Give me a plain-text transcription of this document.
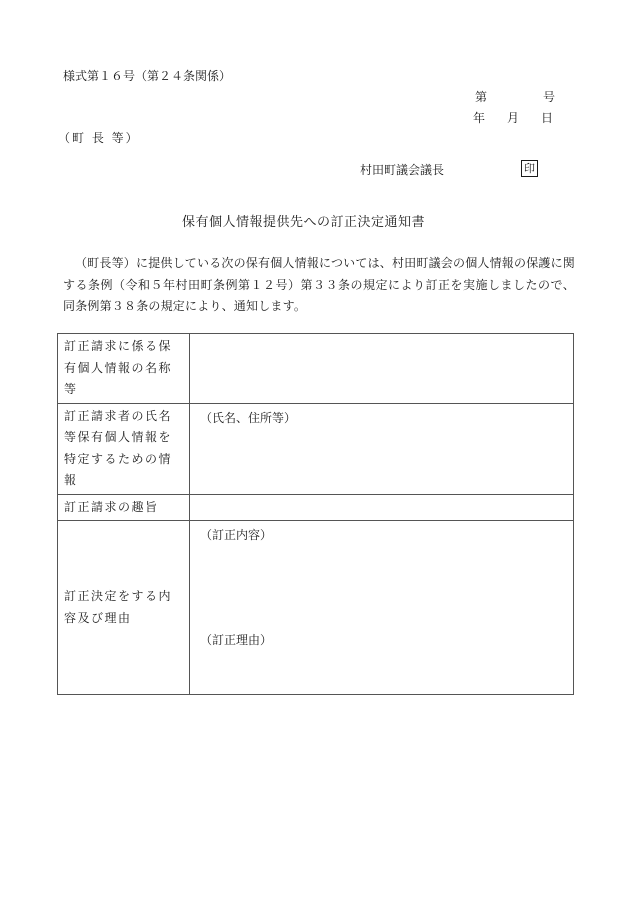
様式第１６号（第２４条関係）
第	号
年 月 日
（町 長 等）
村田町議会議長	印
保有個人情報提供先への訂正決定通知書
（町長等）に提供している次の保有個人情報については、村田町議会の個人情報の保護に関する条例（令和５年村田町条例第１２号）第３３条の規定により訂正を実施しましたので、同条例第３８条の規定により、通知します。
訂正請求に係る保有個人情報の名称等	
訂正請求者の氏名等保有個人情報を特定するための情報	（氏名、住所等）
訂正請求の趣旨	
訂正決定をする内容及び理由	（訂正内容）
（訂正理由）
